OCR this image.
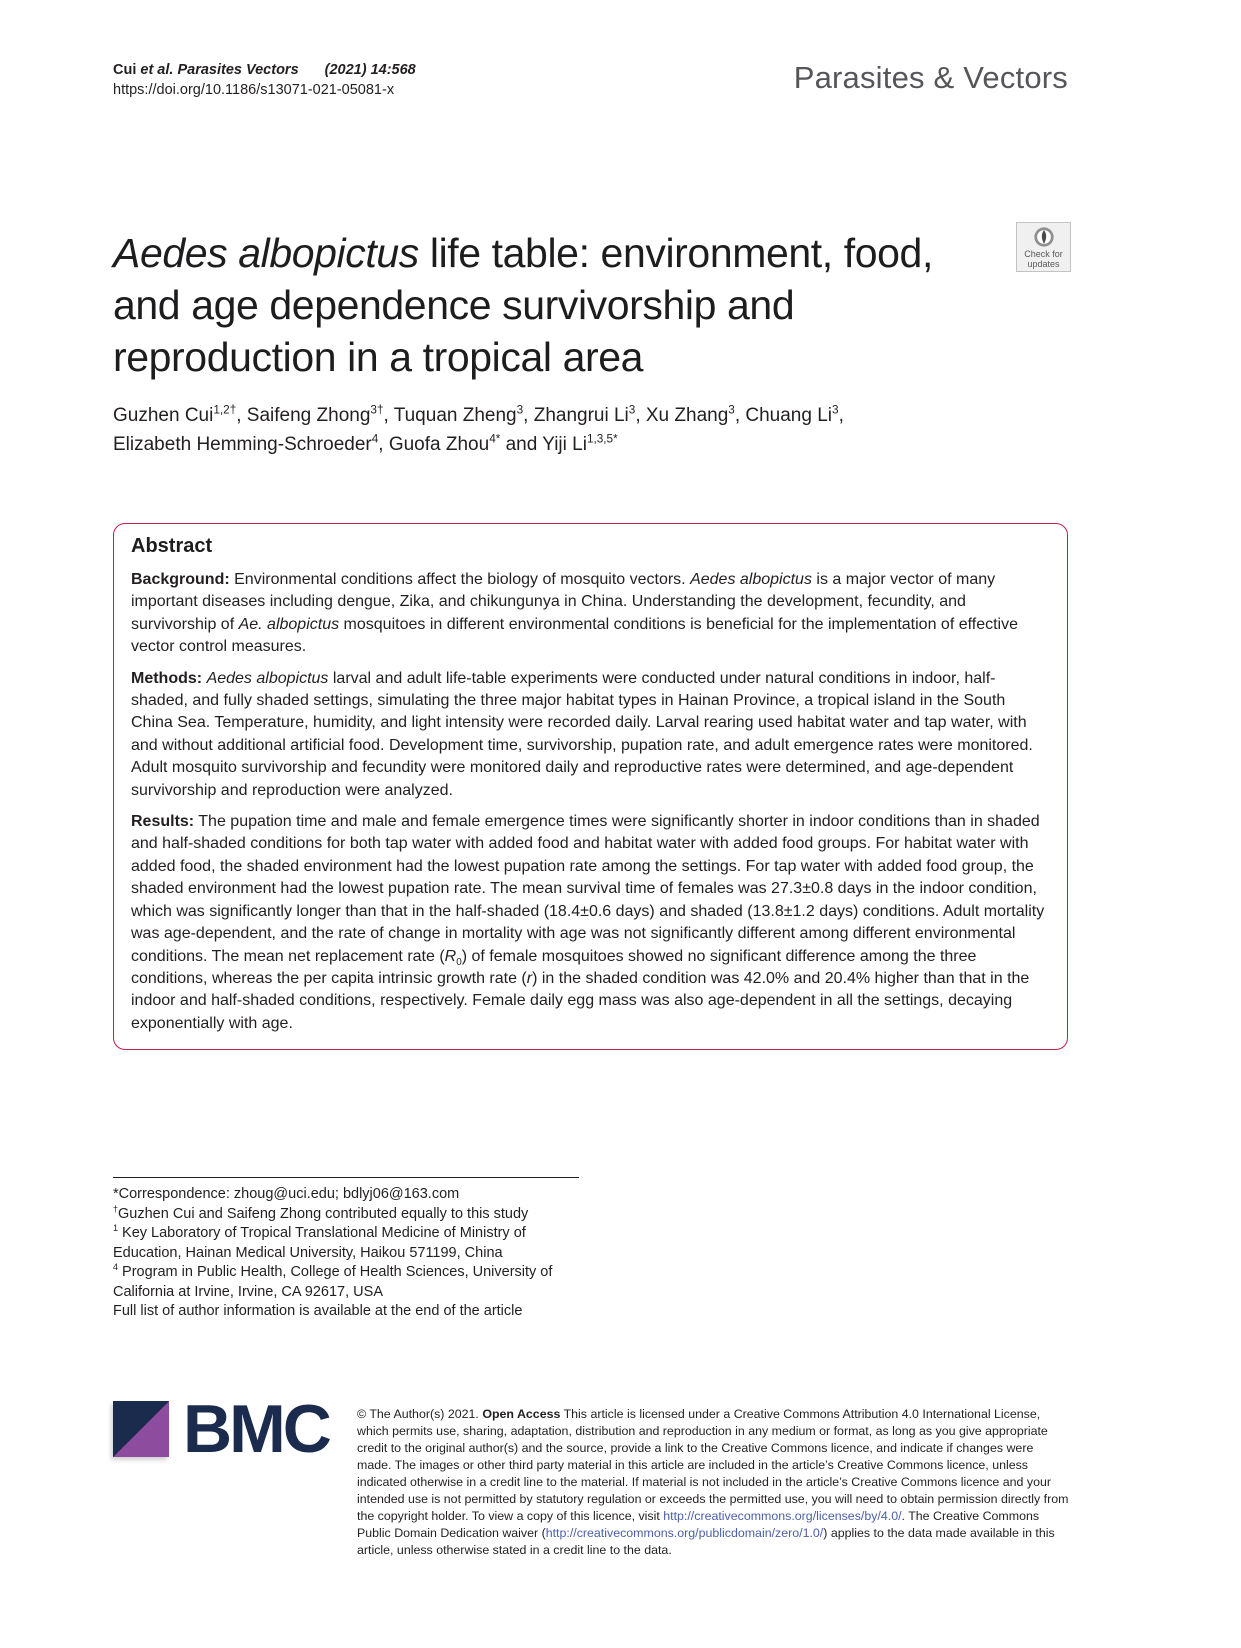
Cui et al. Parasites Vectors (2021) 14:568
https://doi.org/10.1186/s13071-021-05081-x	Parasites & Vectors
RESEARCH	Open Access
Check for
updates
Aedes albopictus life table: environment, food, and age dependence survivorship and reproduction in a tropical area
Guzhen Cui$^{1,2\dagger}$, Saifeng Zhong$^{3\dagger}$, Tuquan Zheng$^3$, Zhangrui Li$^3$, Xu Zhang$^3$, Chuang Li$^3$,
Elizabeth Hemming-Schroeder$^4$, Guofa Zhou$^{4*}$ and Yiji $Li^{1,3,5*}$
Abstract

Background: Environmental conditions affect the biology of mosquito vectors. Aedes albopictus is a major vector of many important diseases including dengue, Zika, and chikungunya in China. Understanding the development, fecundity, and survivorship of Ae. albopictus mosquitoes in different environmental conditions is beneficial for the implementation of effective vector control measures.

Methods: Aedes albopictus larval and adult life-table experiments were conducted under natural conditions in indoor, half-shaded, and fully shaded settings, simulating the three major habitat types in Hainan Province, a tropical island in the South China Sea. Temperature, humidity, and light intensity were recorded daily. Larval rearing used habitat water and tap water, with and without additional artificial food. Development time, survivorship, pupation rate, and adult emergence rates were monitored. Adult mosquito survivorship and fecundity were monitored daily and reproductive rates were determined, and age-dependent survivorship and reproduction were analyzed.

Results: The pupation time and male and female emergence times were significantly shorter in indoor conditions than in shaded and half-shaded conditions for both tap water with added food and habitat water with added food groups. For habitat water with added food, the shaded environment had the lowest pupation rate among the settings. For tap water with added food group, the shaded environment had the lowest pupation rate. The mean survival time of females was 27.3±0.8 days in the indoor condition, which was significantly longer than that in the half-shaded (18.4±0.6 days) and shaded (13.8±1.2 days) conditions. Adult mortality was age-dependent, and the rate of change in mortality with age was not significantly different among different environmental conditions. The mean net replacement rate $(R_0)$ of female mosquitoes showed no significant difference among the three conditions, whereas the per capita intrinsic growth rate (r) in the shaded condition was 42.0% and 20.4% higher than that in the indoor and half-shaded conditions, respectively. Female daily egg mass was also age-dependent in all the settings, decaying exponentially with age.

*Correspondence: zhoug@uci.edu; bdlyj06@163.com
†Guzhen Cui and Saifeng Zhong contributed equally to this study
$^1$ Key Laboratory of Tropical Translational Medicine of Ministry of Education, Hainan Medical University, Haikou 571199, China
$^4$ Program in Public Health, College of Health Sciences, University of California at Irvine, Irvine, CA 92617, USA
Full list of author information is available at the end of the article
BMC © The Author(s) 2021. Open Access This article is licensed under a Creative Commons Attribution 4.0 International License, which permits use, sharing, adaptation, distribution and reproduction in any medium or format, as long as you give appropriate credit to the original author(s) and the source, provide a link to the Creative Commons licence, and indicate if changes were made. The images or other third party material in this article are included in the article’s Creative Commons licence, unless indicated otherwise in a credit line to the material. If material is not included in the article’s Creative Commons licence and your intended use is not permitted by statutory regulation or exceeds the permitted use, you will need to obtain permission directly from the copyright holder. To view a copy of this licence, visit http://creativecommons.org/licenses/by/4.0/. The Creative Commons Public Domain Dedication waiver (http://creativecommons.org/publicdomain/zero/1.0/) applies to the data made available in this article, unless otherwise stated in a credit line to the data.
